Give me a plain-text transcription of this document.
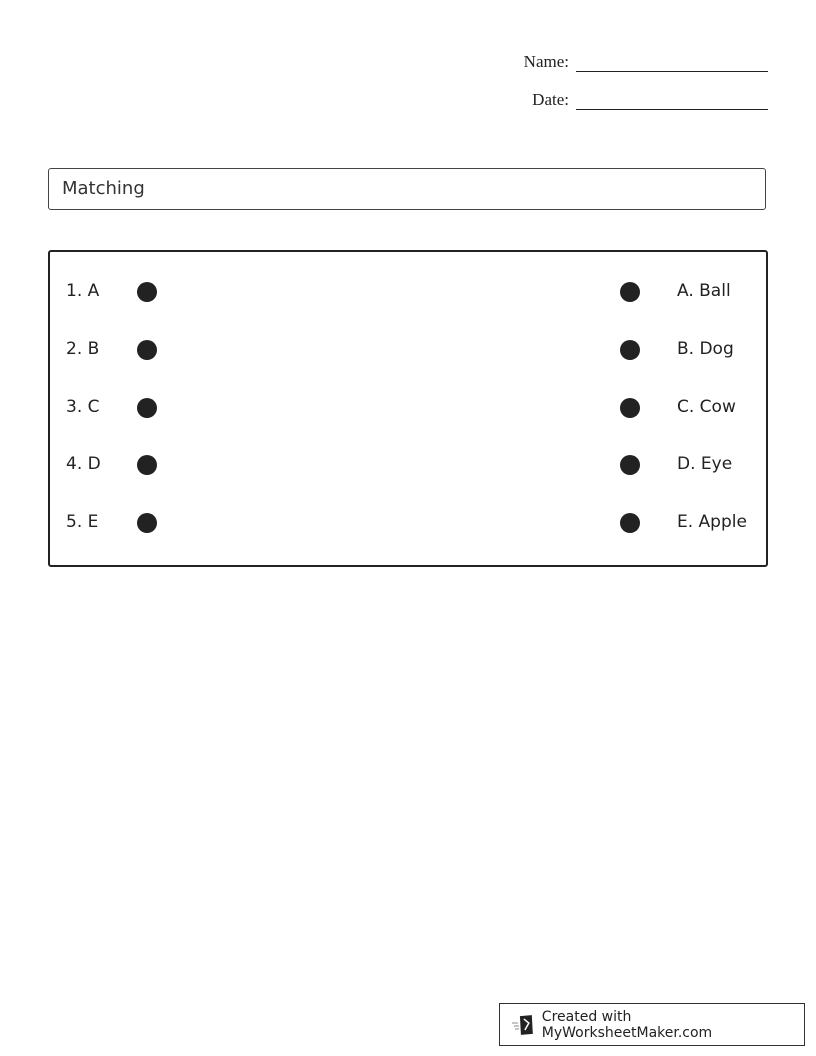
Name:
Date:
Matching
1. A	A. Ball
2. B	B. Dog
3. C	C. Cow
4. D	D. Eye
5. E	E. Apple
Created with MyWorksheetMaker.com
